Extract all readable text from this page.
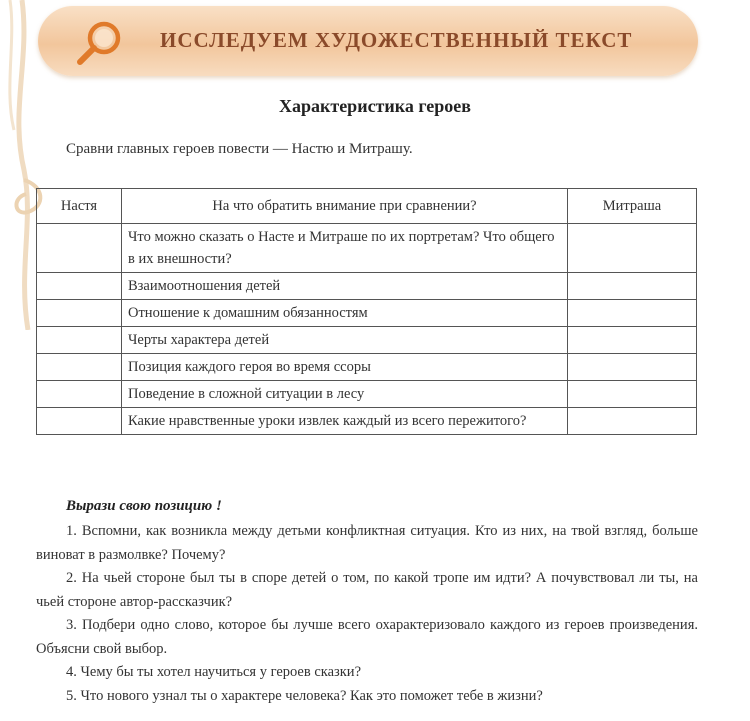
ИССЛЕДУЕМ ХУДОЖЕСТВЕННЫЙ ТЕКСТ
Характеристика героев
Сравни главных героев повести — Настю и Митрашу.
Настя	На что обратить внимание при сравнении?	Митраша
	Что можно сказать о Насте и Митраше по их портретам? Что общего в их внешности?	
	Взаимоотношения детей	
	Отношение к домашним обязанностям	
	Черты характера детей	
	Позиция каждого героя во время ссоры	
	Поведение в сложной ситуации в лесу	
	Какие нравственные уроки извлек каждый из всего пережитого?	
Вырази свою позицию !

1. Вспомни, как возникла между детьми конфликтная ситуация. Кто из них, на твой взгляд, больше виноват в размолвке? Почему?

2. На чьей стороне был ты в споре детей о том, по какой тропе им идти? А почувствовал ли ты, на чьей стороне автор-рассказчик?

3. Подбери одно слово, которое бы лучше всего охарактеризовало каждого из героев произведения. Объясни свой выбор.

4. Чему бы ты хотел научиться у героев сказки?

5. Что нового узнал ты о характере человека? Как это поможет тебе в жизни?
